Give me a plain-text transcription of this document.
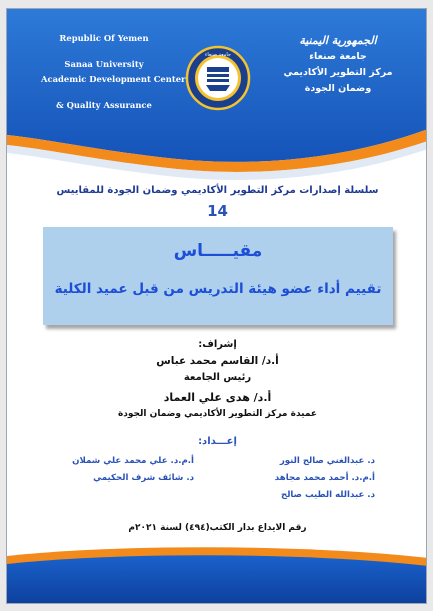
Republic Of Yemen
Sanaa University
Academic Development Center
& Quality Assurance
جامعة صنعاء
الجمهورية اليمنية
جامعة صنعاء
مركز التطوير الأكاديمي
وضمان الجودة
سلسلة إصدارات مركز التطوير الأكاديمي وضمان الجودة للمقاييس
14
مقيـــــاس
تقييم أداء عضو هيئة التدريس من قبل عميد الكلية
إشراف:
أ.د/ القاسم محمد عباس
رئيس الجامعة
أ.د/ هدى علي العماد
عميدة مركز التطوير الأكاديمي وضمان الجودة
إعـــداد:
د. عبدالغني صالح النور
أ.م.د. علي محمد علي شملان
أ.م.د. أحمد محمد مجاهد
د. شائف شرف الحكيمي
د. عبدالله الطيب صالح
رقم الايداع بدار الكتب(٤٩٤) لسنة ٢٠٢١م
